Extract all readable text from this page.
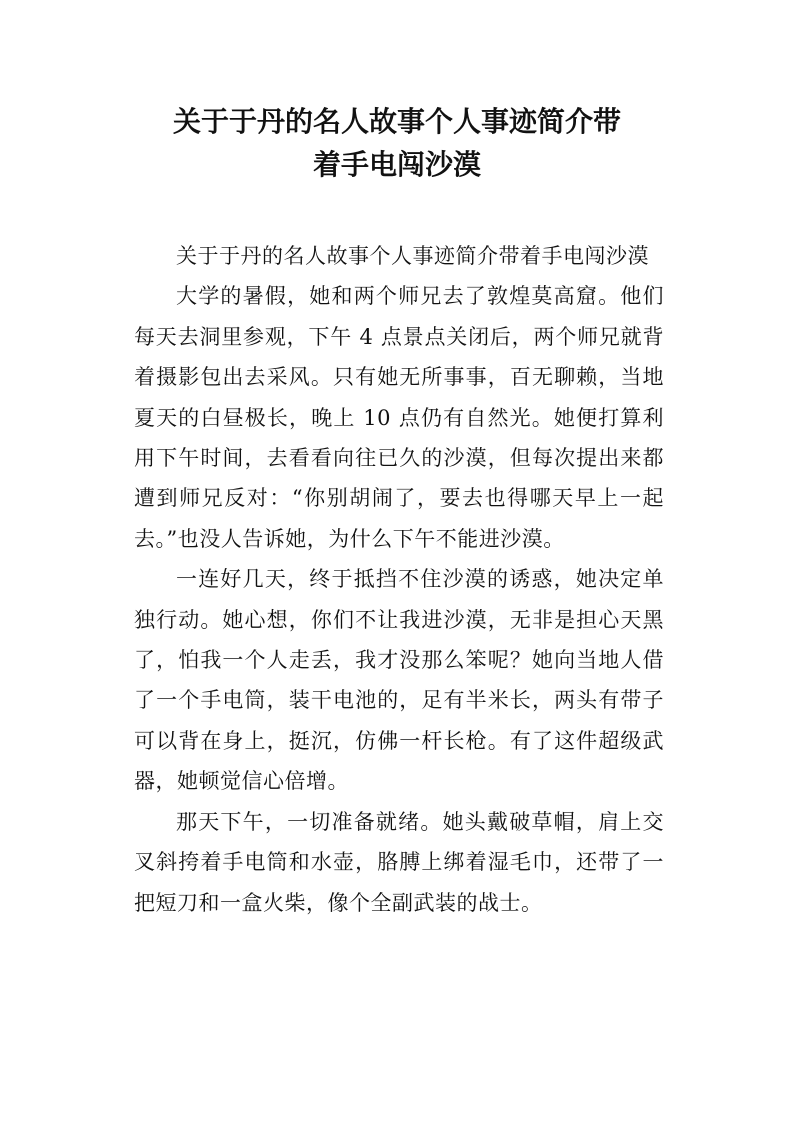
关于于丹的名人故事个人事迹简介带
着手电闯沙漠

关于于丹的名人故事个人事迹简介带着手电闯沙漠

大学的暑假，她和两个师兄去了敦煌莫高窟。他们每天去洞里参观，下午 4 点景点关闭后，两个师兄就背着摄影包出去采风。只有她无所事事，百无聊赖，当地夏天的白昼极长，晚上 10 点仍有自然光。她便打算利用下午时间，去看看向往已久的沙漠，但每次提出来都遭到师兄反对：“你别胡闹了，要去也得哪天早上一起去。”也没人告诉她，为什么下午不能进沙漠。

一连好几天，终于抵挡不住沙漠的诱惑，她决定单独行动。她心想，你们不让我进沙漠，无非是担心天黑了，怕我一个人走丢，我才没那么笨呢？她向当地人借了一个手电筒，装干电池的，足有半米长，两头有带子可以背在身上，挺沉，仿佛一杆长枪。有了这件超级武器，她顿觉信心倍增。

那天下午，一切准备就绪。她头戴破草帽，肩上交叉斜挎着手电筒和水壶，胳膊上绑着湿毛巾，还带了一把短刀和一盒火柴，像个全副武装的战士。
